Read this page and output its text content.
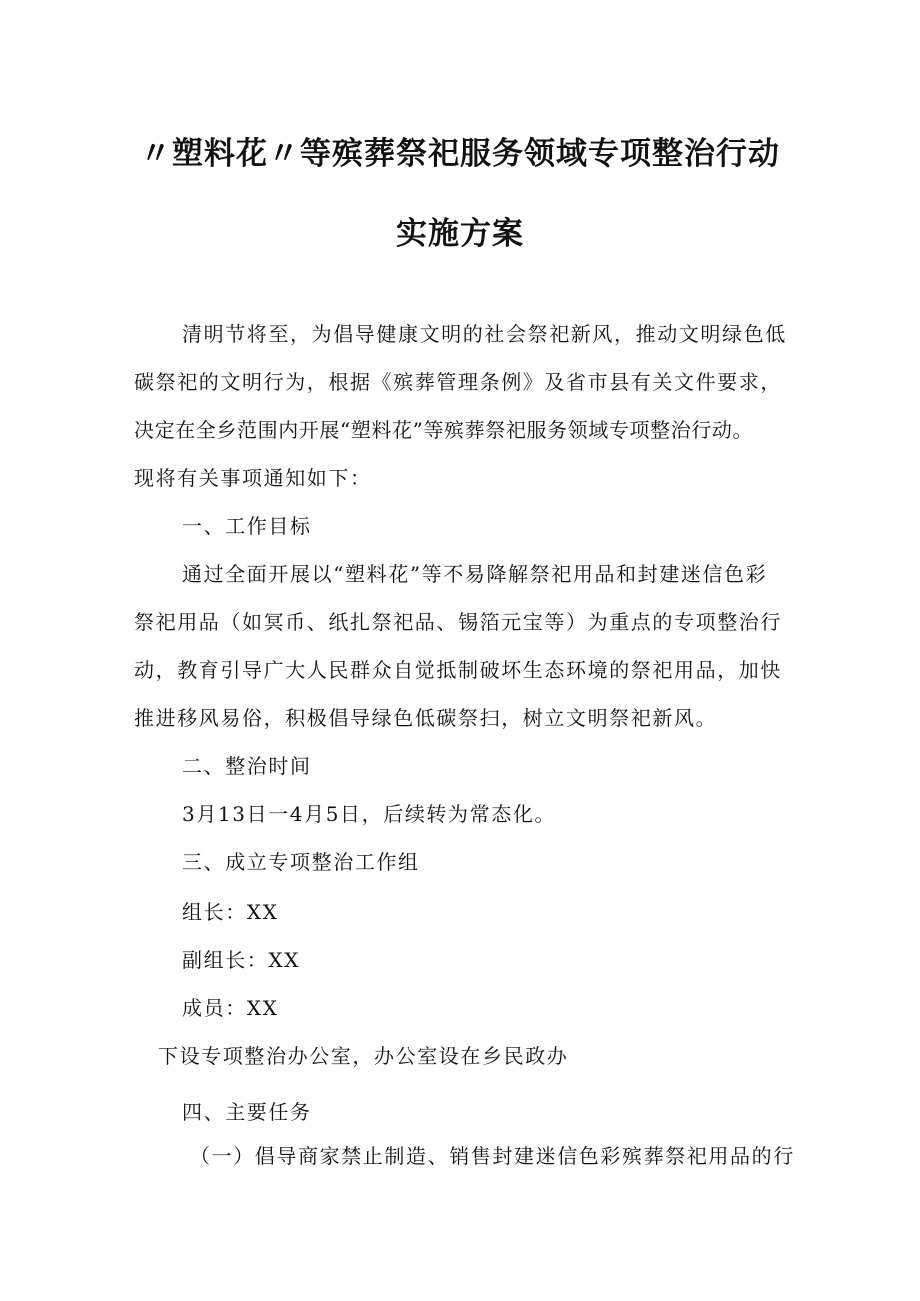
〃塑料花〃等殡葬祭祀服务领域专项整治行动
实施方案
清明节将至，为倡导健康文明的社会祭祀新风，推动文明绿色低
碳祭祀的文明行为，根据《殡葬管理条例》及省市县有关文件要求，
决定在全乡范围内开展“塑料花”等殡葬祭祀服务领域专项整治行动。
现将有关事项通知如下：
一、工作目标
通过全面开展以“塑料花”等不易降解祭祀用品和封建迷信色彩
祭祀用品（如冥币、纸扎祭祀品、锡箔元宝等）为重点的专项整治行
动，教育引导广大人民群众自觉抵制破坏生态环境的祭祀用品，加快
推进移风易俗，积极倡导绿色低碳祭扫，树立文明祭祀新风。
二、整治时间
3月13日一4月5日，后续转为常态化。
三、成立专项整治工作组
组长：XX
副组长：XX
成员：XX
下设专项整治办公室，办公室设在乡民政办
四、主要任务
（一）倡导商家禁止制造、销售封建迷信色彩殡葬祭祀用品的行
